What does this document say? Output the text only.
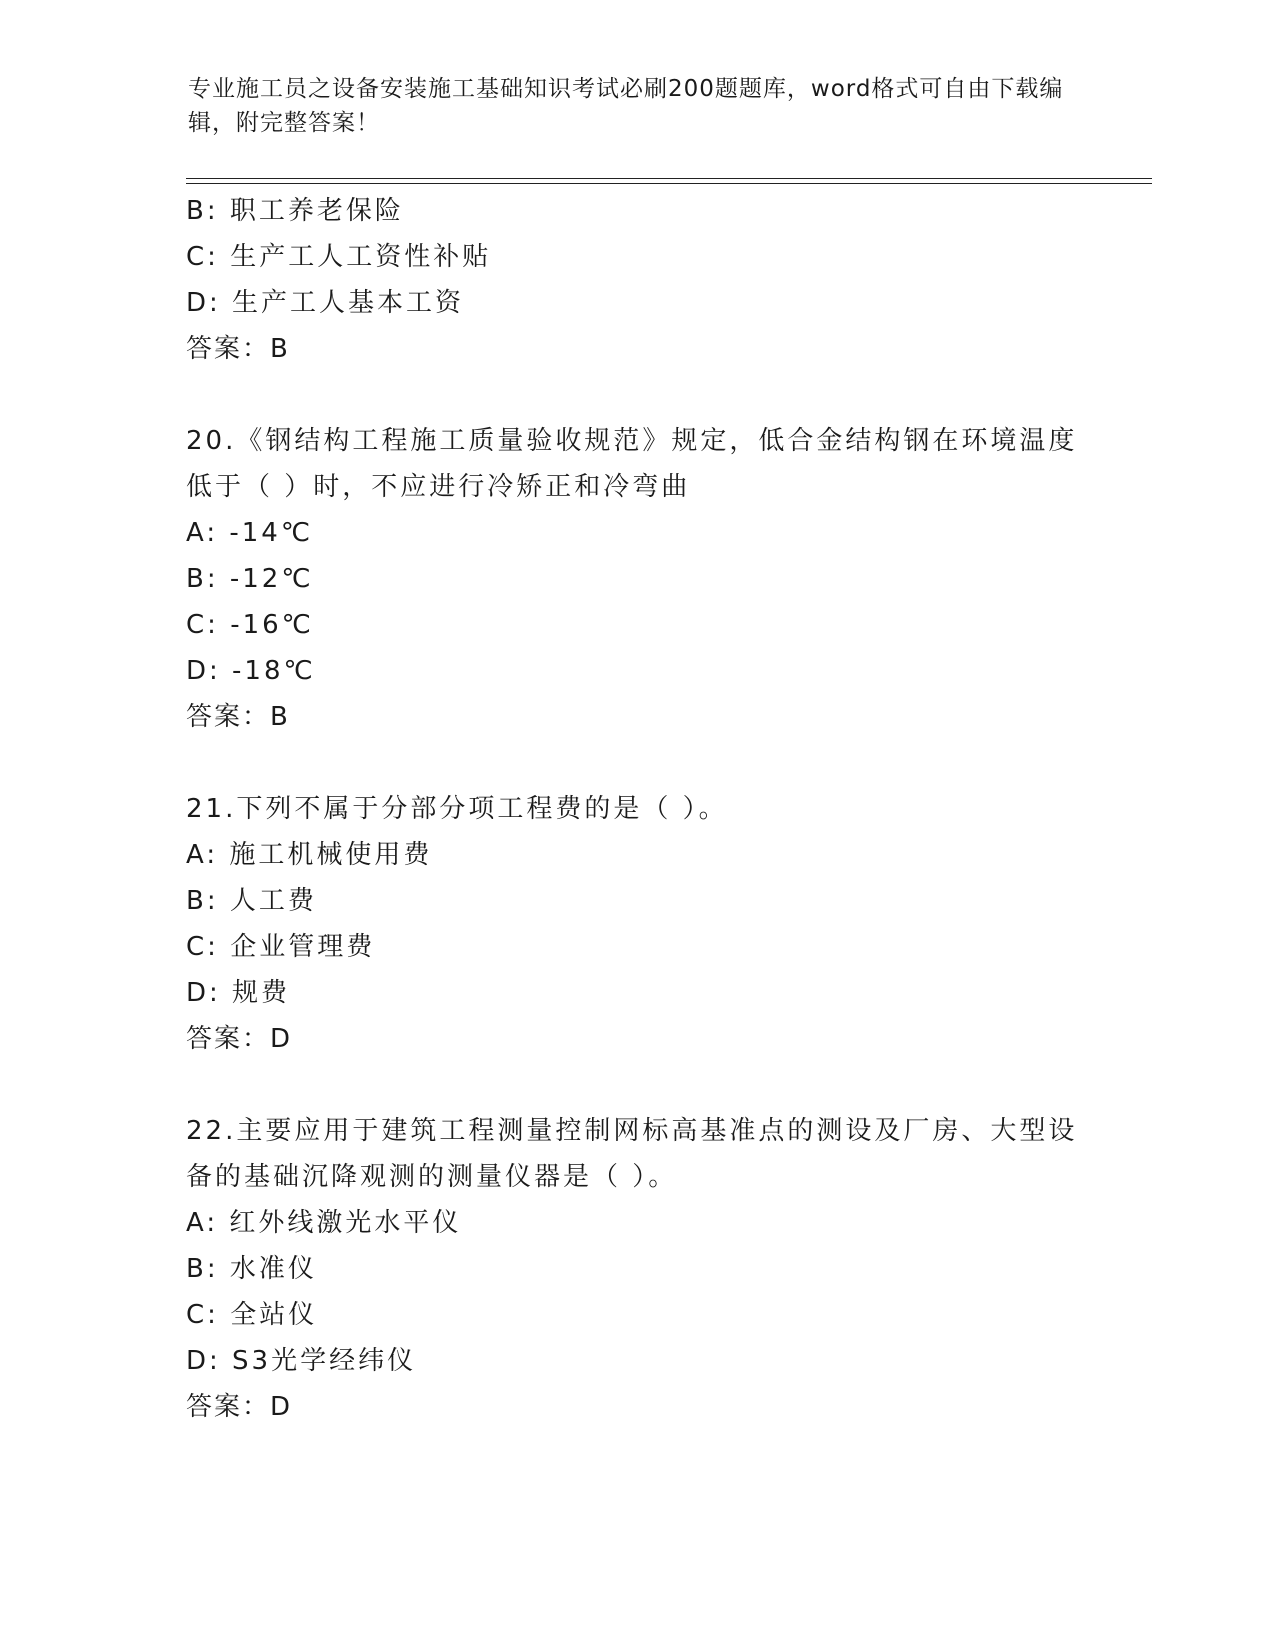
专业施工员之设备安装施工基础知识考试必刷200题题库，word格式可自由下载编辑，附完整答案！
B: 职工养老保险
C: 生产工人工资性补贴
D: 生产工人基本工资
答案：B
20.《钢结构工程施工质量验收规范》规定，低合金结构钢在环境温度低于（ ）时，不应进行冷矫正和冷弯曲
A: -14℃
B: -12℃
C: -16℃
D: -18℃
答案：B
21.下列不属于分部分项工程费的是（ ）。
A: 施工机械使用费
B: 人工费
C: 企业管理费
D: 规费
答案：D
22.主要应用于建筑工程测量控制网标高基准点的测设及厂房、大型设备的基础沉降观测的测量仪器是（ ）。
A: 红外线激光水平仪
B: 水准仪
C: 全站仪
D: S3光学经纬仪
答案：D
